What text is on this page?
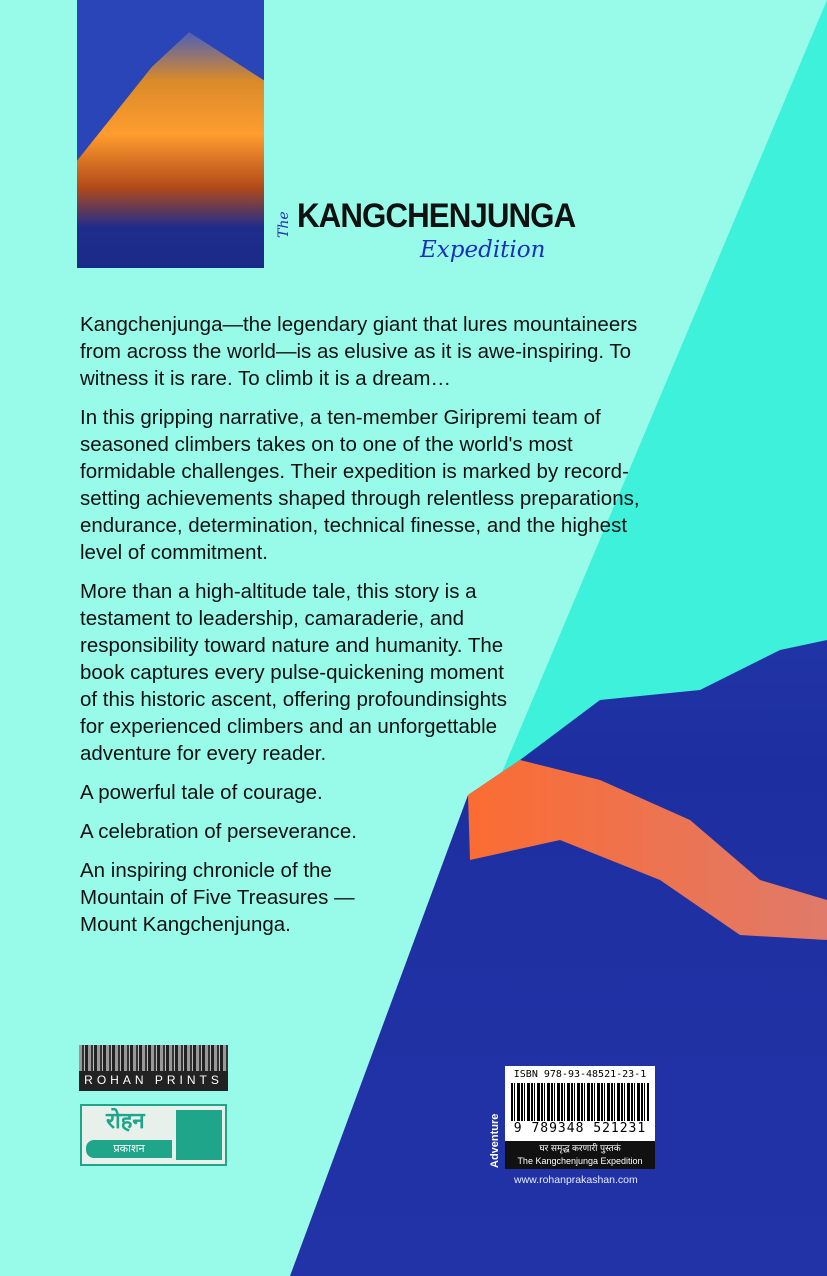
The KANGCHENJUNGA
Expedition

Kangchenjunga—the legendary giant that lures mountaineers from across the world—is as elusive as it is awe-inspiring. To witness it is rare. To climb it is a dream…

In this gripping narrative, a ten-member Giripremi team of seasoned climbers takes on to one of the world's most formidable challenges. Their expedition is marked by record-setting achievements shaped through relentless preparations, endurance, determination, technical finesse, and the highest level of commitment.

More than a high-altitude tale, this story is a testament to leadership, camaraderie, and responsibility toward nature and humanity. The book captures every pulse-quickening moment of this historic ascent, offering profoundinsights for experienced climbers and an unforgettable adventure for every reader.

A powerful tale of courage.

A celebration of perseverance.

An inspiring chronicle of the Mountain of Five Treasures — Mount Kangchenjunga.

ROHAN PRINTS
रोहन
प्रकाशन
ISBN 978-93-48521-23-1
9 789348 521231
घर समृद्ध करणारी पुस्तकं
The Kangchenjunga Expedition
Adventure
www.rohanprakashan.com
